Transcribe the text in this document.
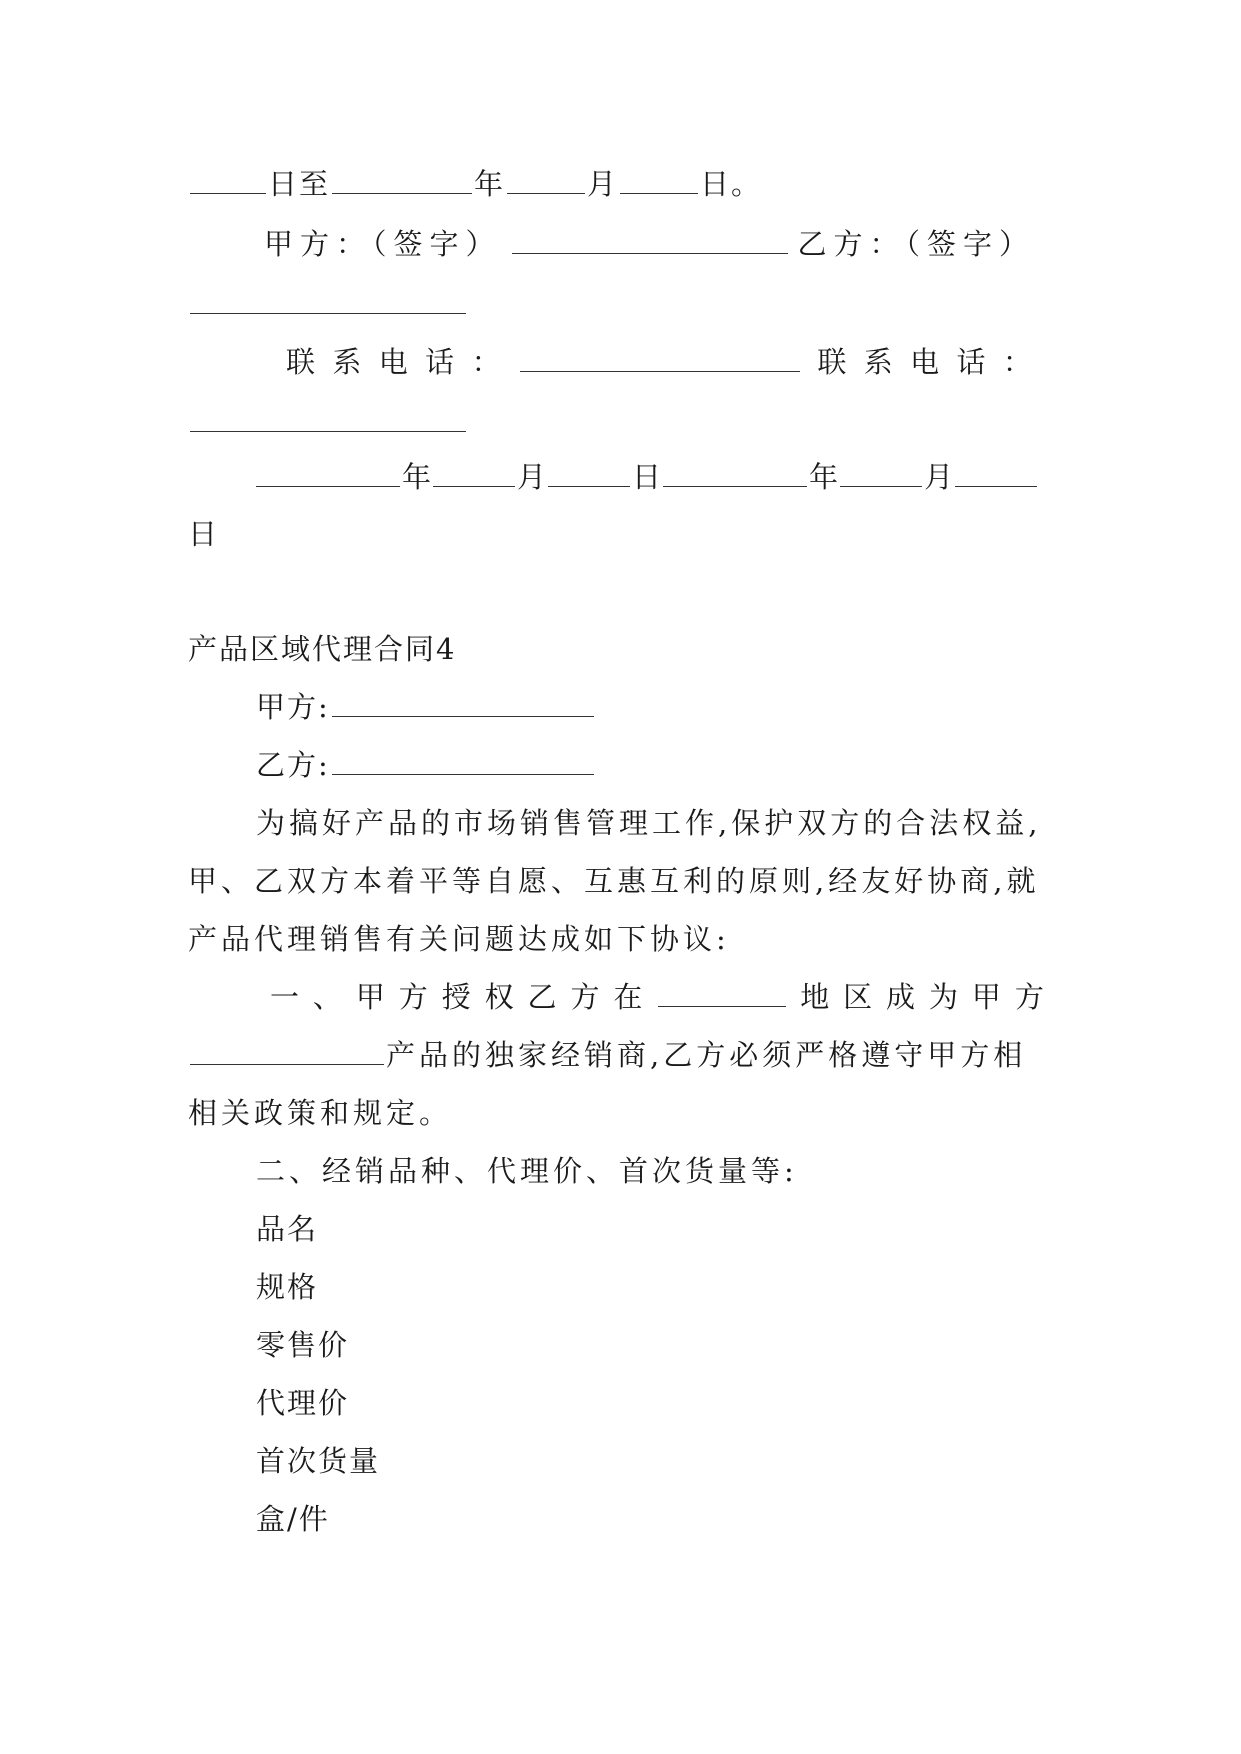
日至	年	月	日。
甲方：（签字）	乙方：（签字）
联 系 电 话 ：	联 系 电 话 ：
年	月	日	年	月
日
产品区域代理合同4
甲方:
乙方:
为搞好产品的市场销售管理工作,保护双方的合法权益,
甲、乙双方本着平等自愿、互惠互利的原则,经友好协商,就
产品代理销售有关问题达成如下协议:
一 、 甲 方 授 权 乙 方 在	地 区 成 为 甲 方
产品的独家经销商,乙方必须严格遵守甲方相
相关政策和规定。
二、经销品种、代理价、首次货量等:
品名
规格
零售价
代理价
首次货量
盒/件
